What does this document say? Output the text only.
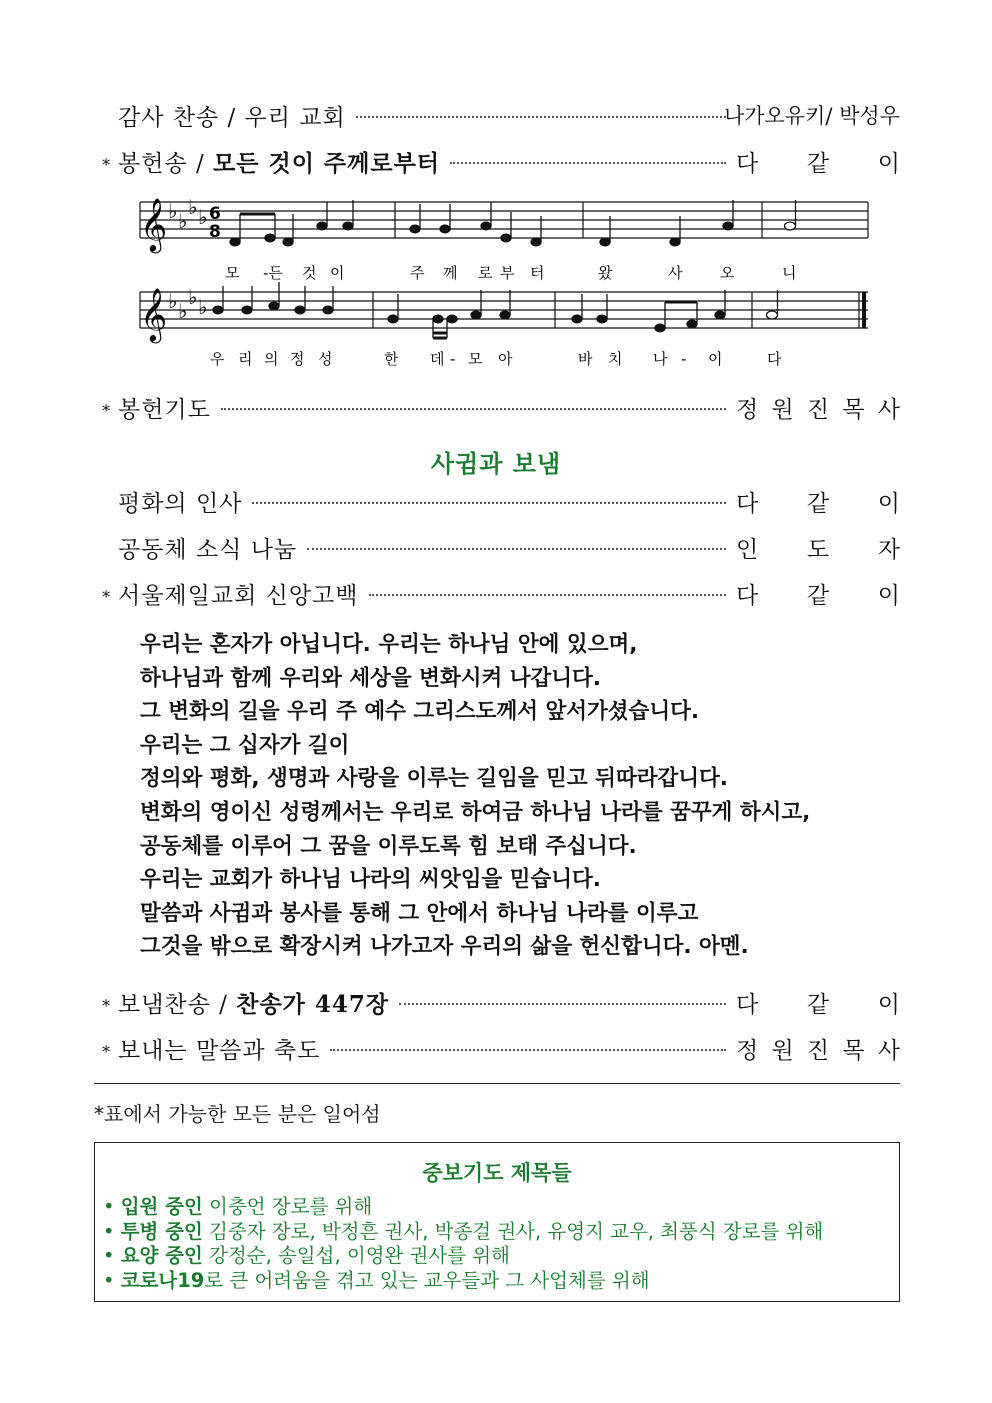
감사 찬송 / 우리 교회	나가오유키/ 박성우
∗ 봉헌송 / 모든 것이 주께로부터	다 같 이
𝄞 ♭ ♭
♭ ♭ 6
8
모 -든 것 이	주 께 로 부 터	왔	사	오	니
𝄞 ♭ ♭
♭ ♭
우 리 의 정 성	한 데 - 모 아	바 치 나 - 이	다
∗ 봉헌기도	정 원 진 목 사
사귐과 보냄
평화의 인사	다 같 이
공동체 소식 나눔	인 도 자
∗ 서울제일교회 신앙고백	다 같 이
우리는 혼자가 아닙니다. 우리는 하나님 안에 있으며,
하나님과 함께 우리와 세상을 변화시켜 나갑니다.
그 변화의 길을 우리 주 예수 그리스도께서 앞서가셨습니다.
우리는 그 십자가 길이
정의와 평화, 생명과 사랑을 이루는 길임을 믿고 뒤따라갑니다.
변화의 영이신 성령께서는 우리로 하여금 하나님 나라를 꿈꾸게 하시고,
공동체를 이루어 그 꿈을 이루도록 힘 보태 주십니다.
우리는 교회가 하나님 나라의 씨앗임을 믿습니다.
말씀과 사귐과 봉사를 통해 그 안에서 하나님 나라를 이루고
그것을 밖으로 확장시켜 나가고자 우리의 삶을 헌신합니다. 아멘.
∗ 보냄찬송 / 찬송가 447장	다 같 이
∗ 보내는 말씀과 축도	정 원 진 목 사
*표에서 가능한 모든 분은 일어섬
중보기도 제목들
• 입원 중인 이충언 장로를 위해
• 투병 중인 김중자 장로, 박정흔 권사, 박종걸 권사, 유영지 교우, 최풍식 장로를 위해
• 요양 중인 강정순, 송일섭, 이영완 권사를 위해
• 코로나19로 큰 어려움을 겪고 있는 교우들과 그 사업체를 위해
